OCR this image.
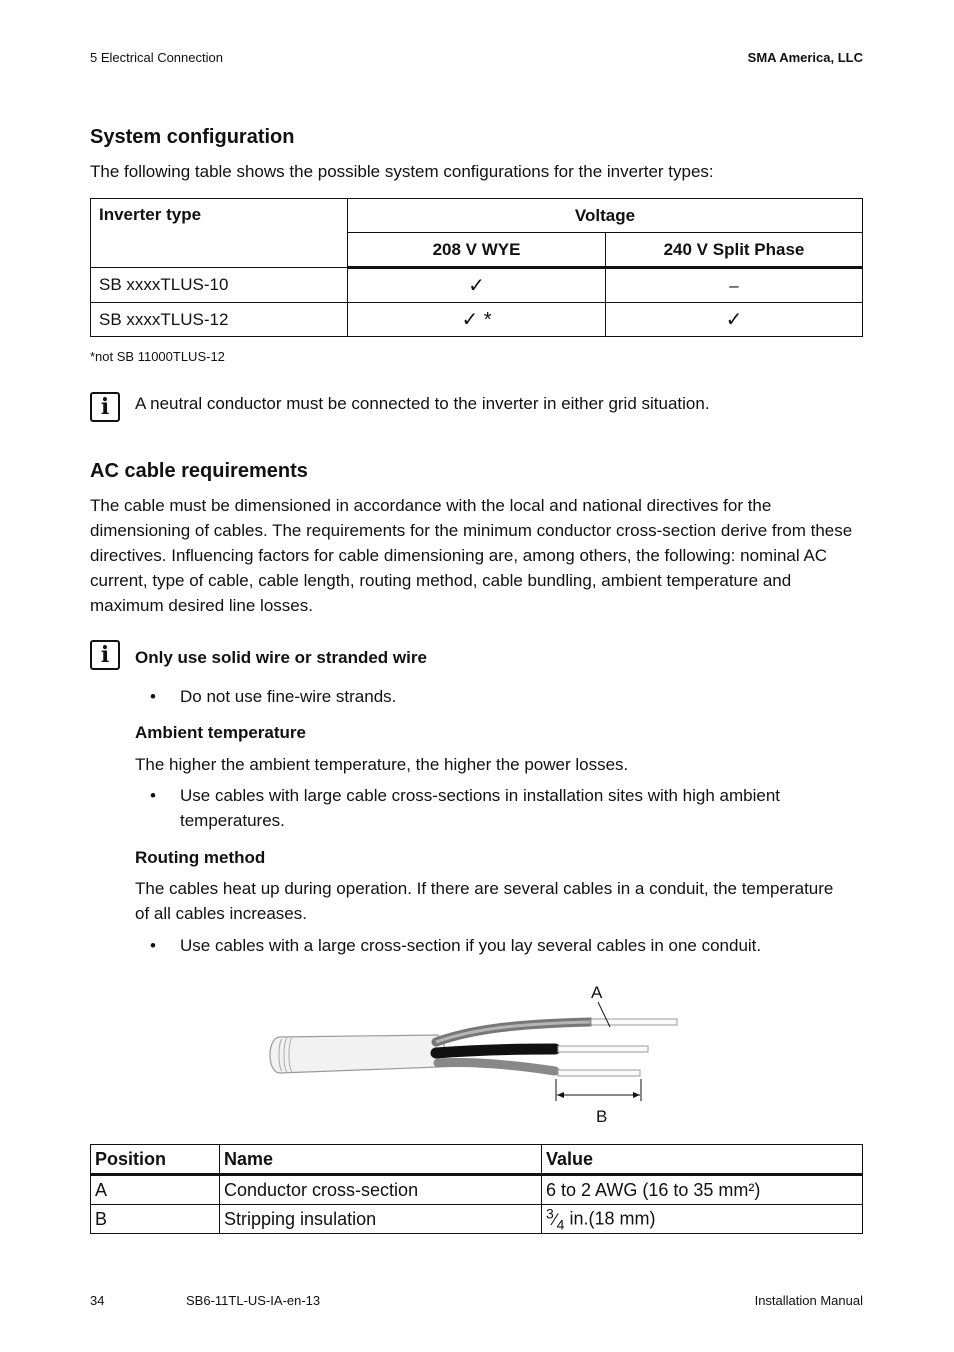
5 Electrical Connection	SMA America, LLC
System configuration
The following table shows the possible system configurations for the inverter types:
Inverter type	Voltage	
	208 V WYE	240 V Split Phase
SB xxxxTLUS-10	✓	–
SB xxxxTLUS-12	✓ *	✓
*not SB 11000TLUS-12
i	A neutral conductor must be connected to the inverter in either grid situation.
AC cable requirements
The cable must be dimensioned in accordance with the local and national directives for the
dimensioning of cables. The requirements for the minimum conductor cross-section derive from these
directives. Influencing factors for cable dimensioning are, among others, the following: nominal AC
current, type of cable, cable length, routing method, cable bundling, ambient temperature and
maximum desired line losses.
i	Only use solid wire or stranded wire
• Do not use fine-wire strands.
Ambient temperature
The higher the ambient temperature, the higher the power losses.
• Use cables with large cable cross-sections in installation sites with high ambient
temperatures.
Routing method
The cables heat up during operation. If there are several cables in a conduit, the temperature
of all cables increases.
• Use cables with a large cross-section if you lay several cables in one conduit.
A
B
Position	Name	Value
A	Conductor cross-section	6 to 2 AWG (16 to 35 mm²)
B	Stripping insulation	$^3⁄_4$ in.(18 mm)
34	SB6-11TL-US-IA-en-13	Installation Manual
